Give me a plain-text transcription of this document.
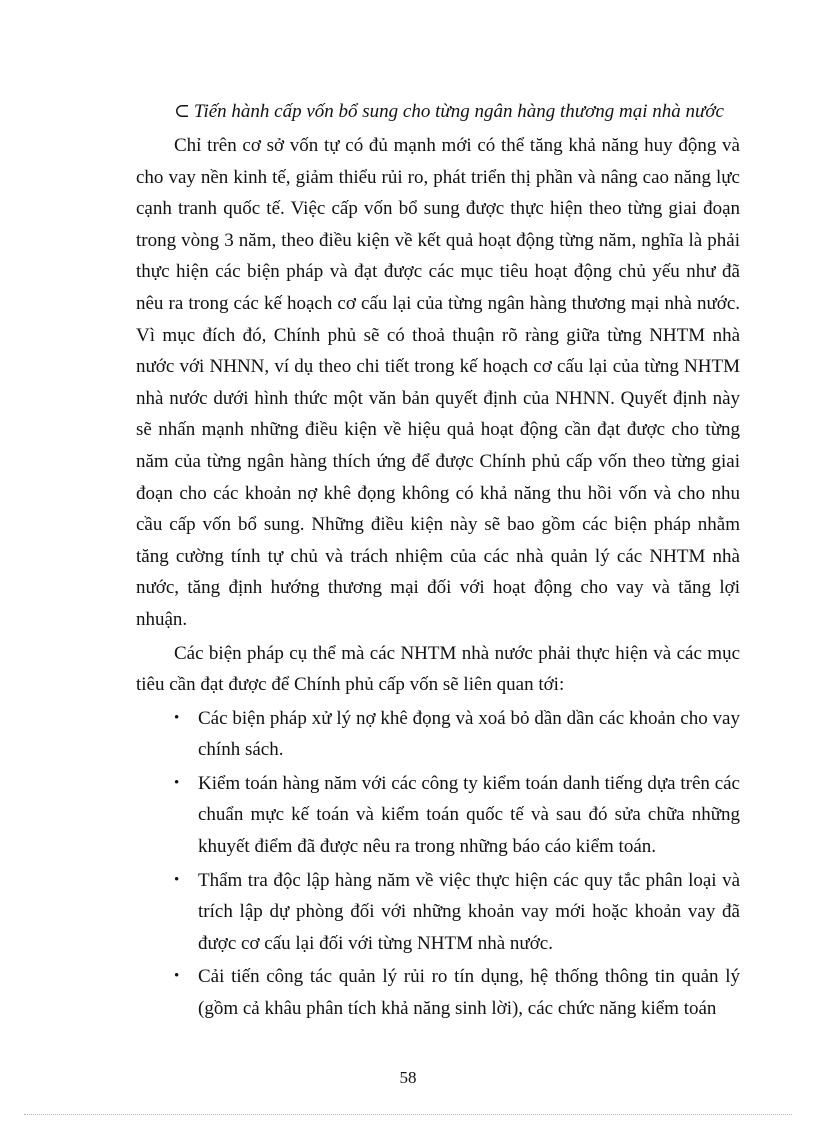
⊂ Tiến hành cấp vốn bổ sung cho từng ngân hàng thương mại nhà nước

Chỉ trên cơ sở vốn tự có đủ mạnh mới có thể tăng khả năng huy động và cho vay nền kinh tế, giảm thiểu rủi ro, phát triển thị phần và nâng cao năng lực cạnh tranh quốc tế. Việc cấp vốn bổ sung được thực hiện theo từng giai đoạn trong vòng 3 năm, theo điều kiện về kết quả hoạt động từng năm, nghĩa là phải thực hiện các biện pháp và đạt được các mục tiêu hoạt động chủ yếu như đã nêu ra trong các kế hoạch cơ cấu lại của từng ngân hàng thương mại nhà nước. Vì mục đích đó, Chính phủ sẽ có thoả thuận rõ ràng giữa từng NHTM nhà nước với NHNN, ví dụ theo chi tiết trong kế hoạch cơ cấu lại của từng NHTM nhà nước dưới hình thức một văn bản quyết định của NHNN. Quyết định này sẽ nhấn mạnh những điều kiện về hiệu quả hoạt động cần đạt được cho từng năm của từng ngân hàng thích ứng để được Chính phủ cấp vốn theo từng giai đoạn cho các khoản nợ khê đọng không có khả năng thu hồi vốn và cho nhu cầu cấp vốn bổ sung. Những điều kiện này sẽ bao gồm các biện pháp nhằm tăng cường tính tự chủ và trách nhiệm của các nhà quản lý các NHTM nhà nước, tăng định hướng thương mại đối với hoạt động cho vay và tăng lợi nhuận.

Các biện pháp cụ thể mà các NHTM nhà nước phải thực hiện và các mục tiêu cần đạt được để Chính phủ cấp vốn sẽ liên quan tới:

• Các biện pháp xử lý nợ khê đọng và xoá bỏ dần dần các khoản cho vay chính sách.
• Kiểm toán hàng năm với các công ty kiểm toán danh tiếng dựa trên các chuẩn mực kế toán và kiểm toán quốc tế và sau đó sửa chữa những khuyết điểm đã được nêu ra trong những báo cáo kiểm toán.
• Thẩm tra độc lập hàng năm về việc thực hiện các quy tắc phân loại và trích lập dự phòng đối với những khoản vay mới hoặc khoản vay đã được cơ cấu lại đối với từng NHTM nhà nước.
• Cải tiến công tác quản lý rủi ro tín dụng, hệ thống thông tin quản lý (gồm cả khâu phân tích khả năng sinh lời), các chức năng kiểm toán
58
